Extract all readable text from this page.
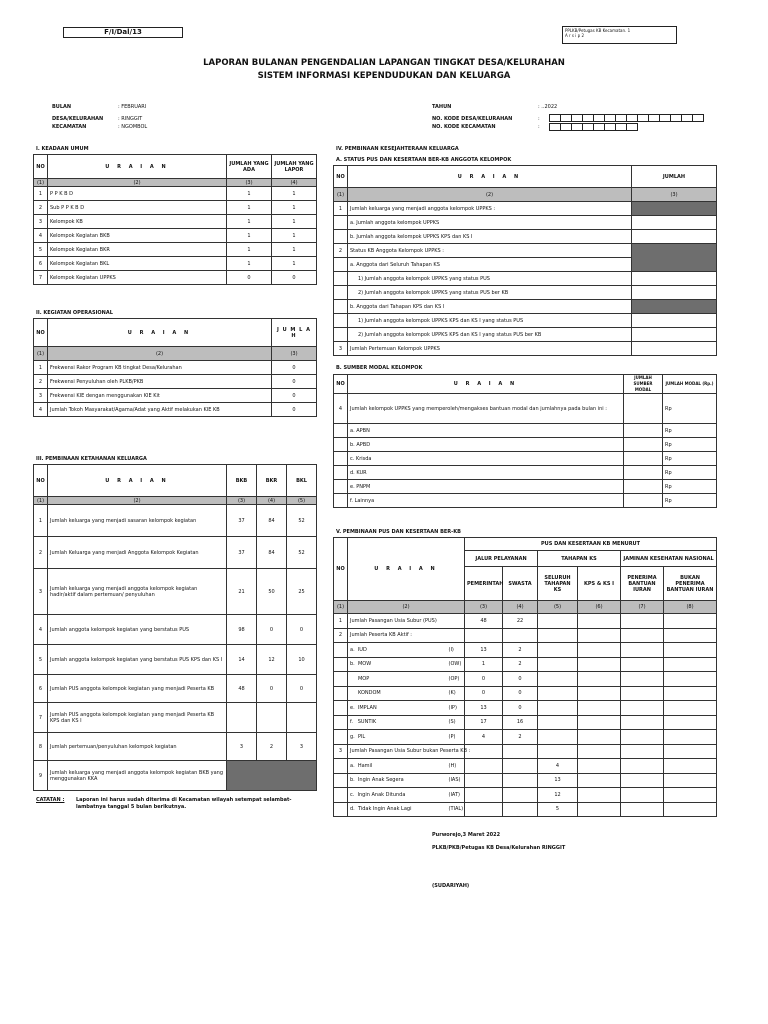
F/I/Dal/13	PPLKB/Petugas KB Kecamatan. 1
A r s i p 2
LAPORAN BULANAN PENGENDALIAN LAPANGAN TINGKAT DESA/KELURAHAN
SISTEM INFORMASI KEPENDUDUKAN DAN KELUARGA
BULAN	: FEBRUARI
DESA/KELURAHAN	: RINGGIT
KECAMATAN	: NGOMBOL
TAHUN	: ..2022
NO. KODE DESA/KELURAHAN	:
NO. KODE KECAMATAN	:
I. KEADAAN UMUM
NO	U R A I A N	JUMLAH YANG ADA	JUMLAH YANG LAPOR
(1)	(2)	(3)	(4)
1	P P K B D	1	1
2	Sub P P K B D	1	1
3	Kelompok KB	1	1
4	Kelompok Kegiatan BKB	1	1
5	Kelompok Kegiatan BKR	1	1
6	Kelompok Kegiatan BKL	1	1
7	Kelompok Kegiatan UPPKS	0	0
II. KEGIATAN OPERASIONAL
NO	U R A I A N	J U M L A H
(1)	(2)	(3)
1	Frekwensi Rakor Program KB tingkat Desa/Kelurahan	0
2	Frekwensi Penyuluhan oleh PLKB/PKB	0
3	Frekwensi KIE dengan menggunakan KIE Kit	0
4	Jumlah Tokoh Masyarakat/Agama/Adat yang Aktif melakukan KIE KB	0
III. PEMBINAAN KETAHANAN KELUARGA
NO	U R A I A N	BKB	BKR	BKL
(1)	(2)	(3)	(4)	(5)
1	Jumlah keluarga yang menjadi sasaran kelompok kegiatan	37	84	52
2	Jumlah Keluarga yang menjadi Anggota Kelompok Kegiatan	37	84	52
3	Jumlah keluarga yang menjadi anggota kelompok kegiatan hadir/aktif dalam pertemuan/ penyuluhan	21	50	25
4	Jumlah anggota kelompok kegiatan yang berstatus PUS	98	0	0
5	Jumlah anggota kelompok kegiatan yang berstatus PUS KPS dan KS I	14	12	10
6	Jumlah PUS anggota kelompok kegiatan yang menjadi Peserta KB	48	0	0
7	Jumlah PUS anggota kelompok kegiatan yang menjadi Peserta KB KPS dan KS I			
8	Jumlah pertemuan/penyuluhan kelompok kegiatan	3	2	3
9	Jumlah keluarga yang menjadi anggota kelompok kegiatan BKB yang menggunakan KKA			
CATATAN : Laporan ini harus sudah diterima di Kecamatan wilayah setempat selambat-
lambatnya tanggal 5 bulan berikutnya.
IV. PEMBINAAN KESEJAHTERAAN KELUARGA
A. STATUS PUS DAN KESERTAAN BER-KB ANGGOTA KELOMPOK
NO	U R A I A N	JUMLAH
(1)	(2)	(3)
1	Jumlah keluarga yang menjadi anggota kelompok UPPKS :	
	a. Jumlah anggota kelompok UPPKS	
	b. Jumlah anggota kelompok UPPKS KPS dan KS I	
2	Status KB Anggota Kelompok UPPKS :	
	a. Anggota dari Seluruh Tahapan KS	
	1) Jumlah anggota kelompok UPPKS yang status PUS	
	2) Jumlah anggota kelompok UPPKS yang status PUS ber KB	
	b. Anggota dari Tahapan KPS dan KS I	
	1) Jumlah anggota kelompok UPPKS KPS dan KS I yang status PUS	
	2) Jumlah anggota kelompok UPPKS KPS dan KS I yang status PUS ber KB	
3	Jumlah Pertemuan Kelompok UPPKS	
B. SUMBER MODAL KELOMPOK
NO	U R A I A N	JUMLAH SUMBER MODAL	JUMLAH MODAL (Rp.)
4	Jumlah kelompok UPPKS yang memperoleh/mengakses bantuan modal dan jumlahnya pada bulan ini :		Rp
	a. APBN		Rp
	b. APBD		Rp
	c. Krisda		Rp
	d. KUR		Rp
	e. PNPM		Rp
	f. Lainnya		Rp
V. PEMBINAAN PUS DAN KESERTAAN BER-KB
NO	U R A I A N		PUS DAN KESERTAAN KB MENURUT					
			JALUR PELAYANAN		TAHAPAN KS		JAMINAN KESEHATAN NASIONAL	
			PEMERINTAH	SWASTA	SELURUH TAHAPAN KS	KPS & KS I	PENERIMA BANTUAN IURAN	BUKAN PENERIMA BANTUAN IURAN
(1)	(2)		(3)	(4)	(5)	(6)	(7)	(8)
1	Jumlah Pasangan Usia Subur (PUS)		48	22				
2	Jumlah Peserta KB Aktif :							
	a.  IUD	(I)	13	2				
	b.  MOW	(OW)	1	2				
	MOP	(OP)	0	0				
	KONDOM	(K)	0	0				
	e.  IMPLAN	(IP)	13	0				
	f.   SUNTIK	(S)	17	16				
	g.  PIL	(P)	4	2				
3	Jumlah Pasangan Usia Subur bukan Peserta KB :							
	a.  Hamil	(H)			4			
	b.  Ingin Anak Segera	(IAS)			13			
	c.  Ingin Anak Ditunda	(IAT)			12			
	d.  Tidak Ingin Anak Lagi	(TIAL)			5			
Purworejo,3 Maret 2022
PLKB/PKB/Petugas KB Desa/Kelurahan RINGGIT
(SUDARIYAH)
